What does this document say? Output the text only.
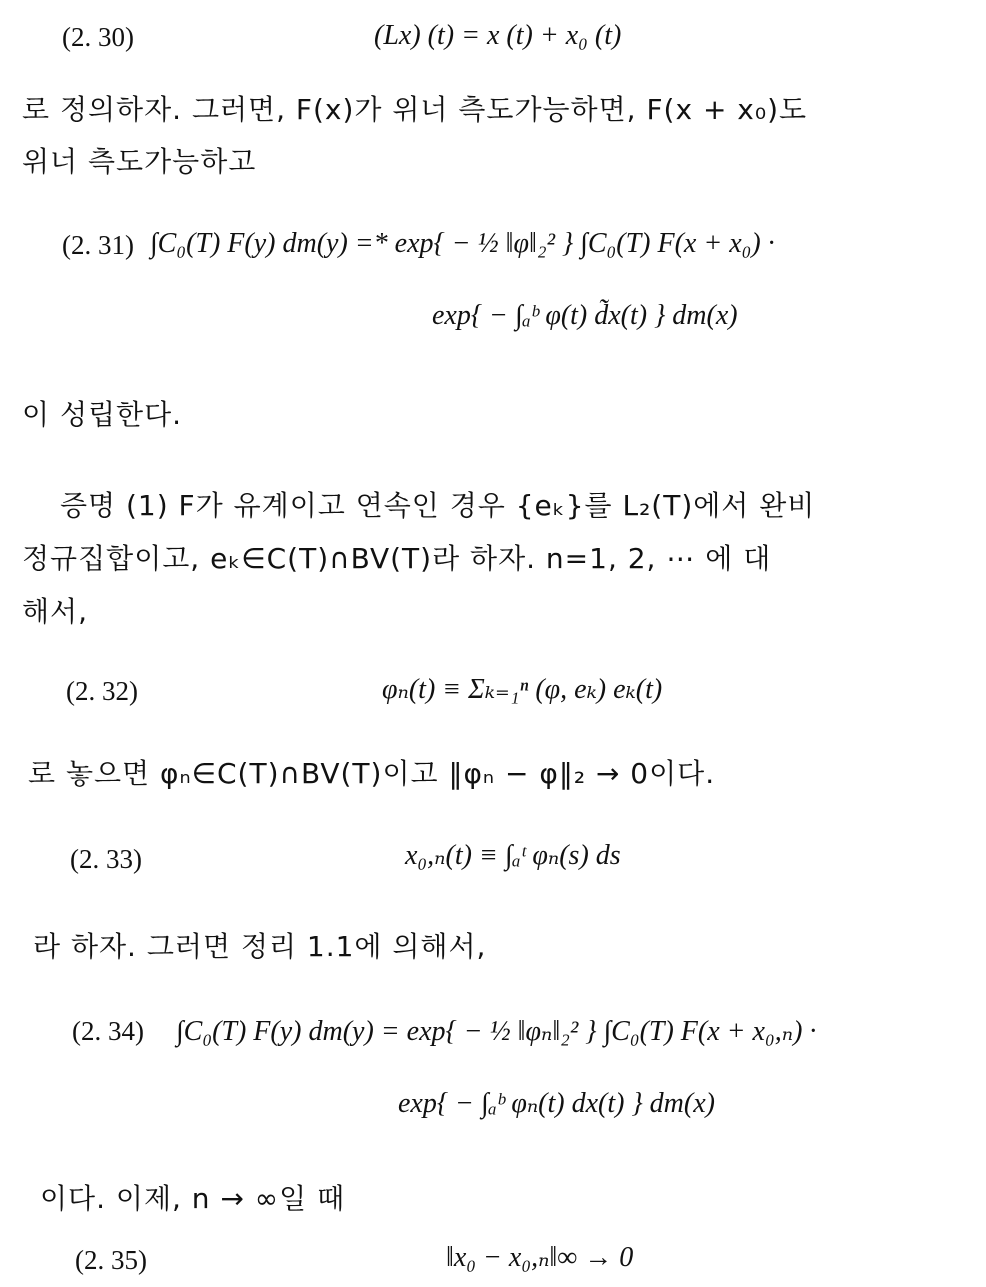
(2. 30)	(Lx) (t) = x (t) + x₀ (t)
로 정의하자. 그러면, F(x)가 위너 측도가능하면, F(x + x₀)도
위너 측도가능하고
(2. 31) ∫C₀(T) F(y) dm(y) =* exp{ − ½ ‖φ‖₂² } ∫C₀(T) F(x + x₀) ·
exp{ − ∫ₐᵇ φ(t) d̃x(t) } dm(x)
이 성립한다.
증명 (1) F가 유계이고 연속인 경우 {eₖ}를 L₂(T)에서 완비
정규집합이고, eₖ∈C(T)∩BV(T)라 하자. n=1, 2, ⋯ 에 대
해서,
(2. 32)	φₙ(t) ≡ Σₖ₌₁ⁿ (φ, eₖ) eₖ(t)
로 놓으면 φₙ∈C(T)∩BV(T)이고 ‖φₙ − φ‖₂ → 0이다.
(2. 33)	x₀,ₙ(t) ≡ ∫ₐᵗ φₙ(s) ds
라 하자. 그러면 정리 1.1에 의해서,
(2. 34) ∫C₀(T) F(y) dm(y) = exp{ − ½ ‖φₙ‖₂² } ∫C₀(T) F(x + x₀,ₙ) ·
exp{ − ∫ₐᵇ φₙ(t) dx(t) } dm(x)
이다. 이제, n → ∞일 때
(2. 35)	‖x₀ − x₀,ₙ‖∞ → 0
